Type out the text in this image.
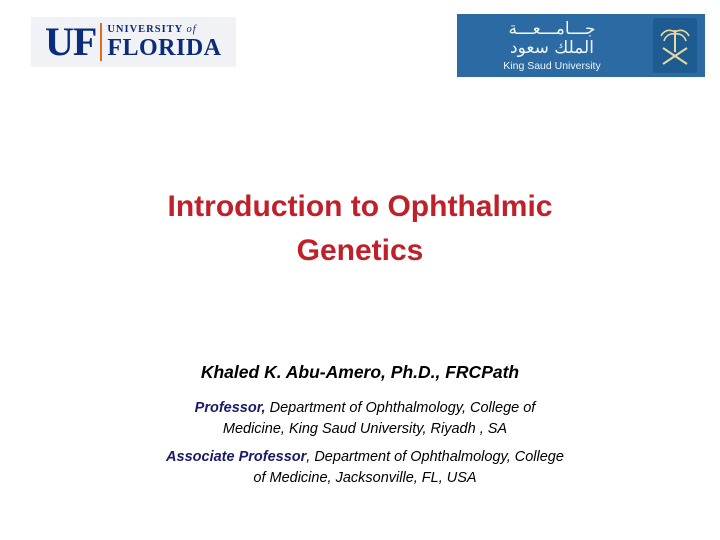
UF UNIVERSITY of
FLORIDA
جـــامـــعـــة
الملك سعود
King Saud University
Introduction to Ophthalmic
Genetics
Khaled K. Abu-Amero, Ph.D., FRCPath
Professor, Department of Ophthalmology, College of
Medicine, King Saud University, Riyadh , SA
Associate Professor, Department of Ophthalmology, College
of Medicine, Jacksonville, FL, USA
